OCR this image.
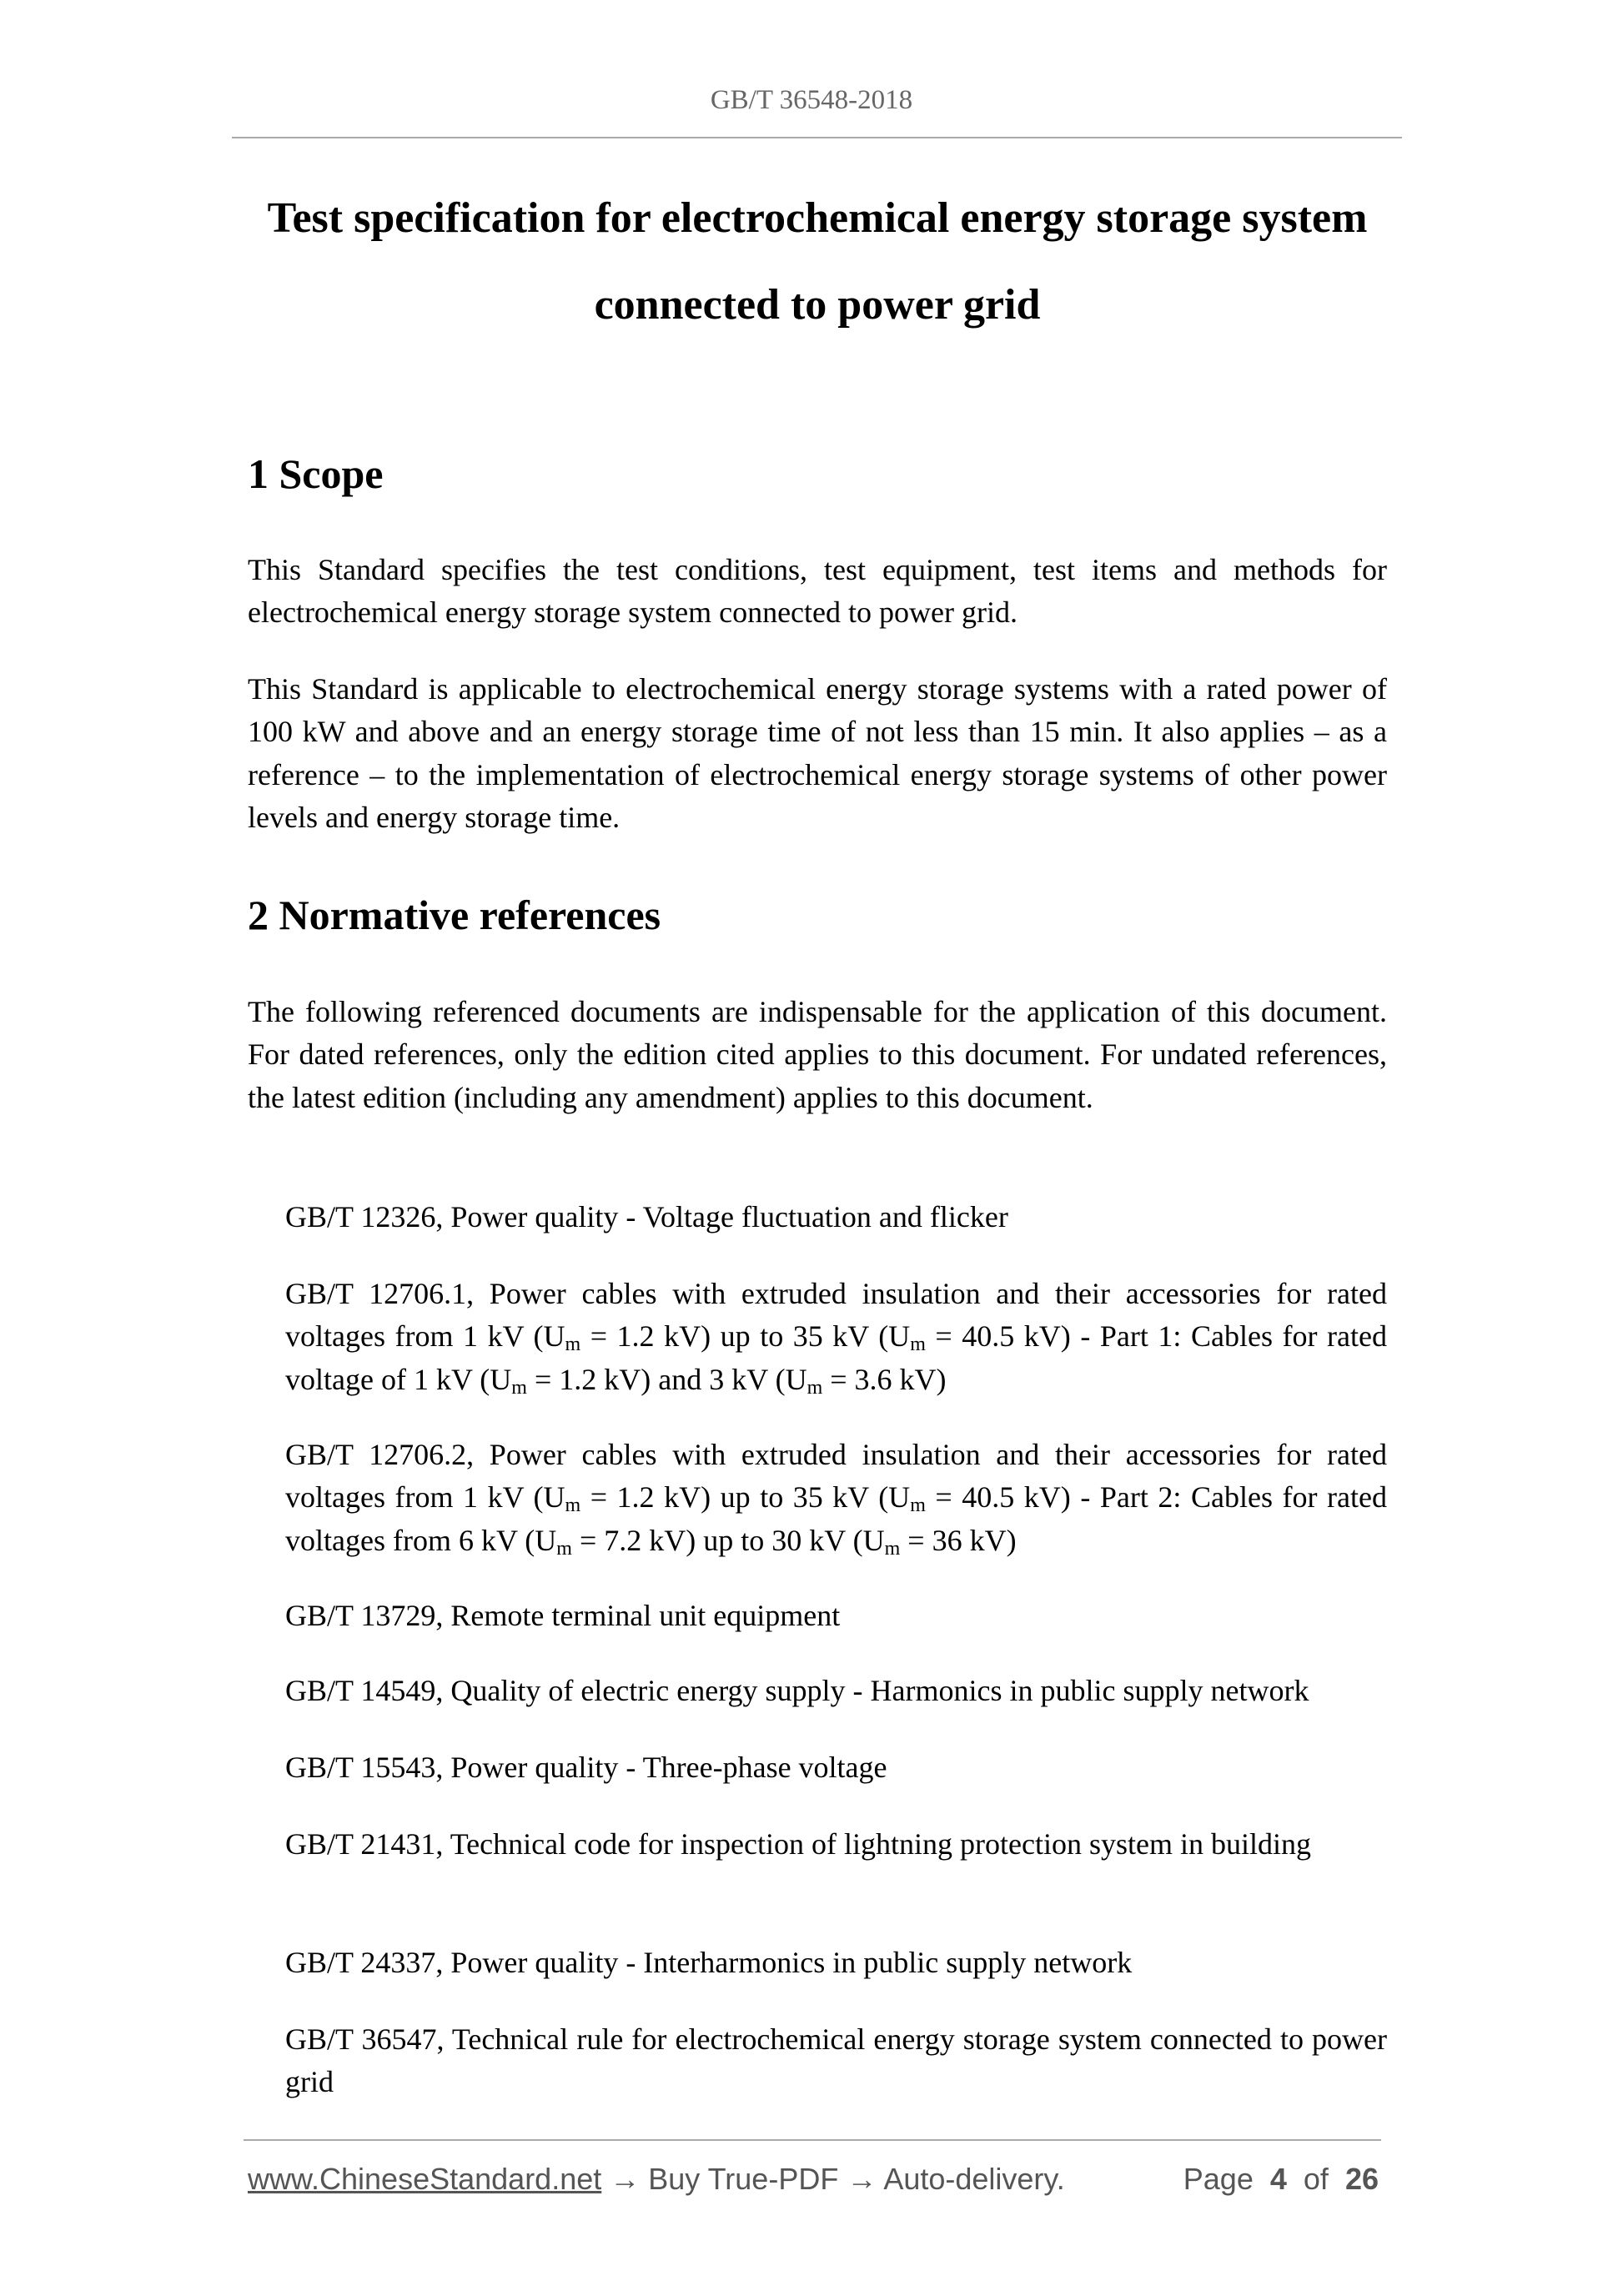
GB/T 36548-2018
Test specification for electrochemical energy storage system
connected to power grid
1 Scope
This Standard specifies the test conditions, test equipment, test items and methods for electrochemical energy storage system connected to power grid.
This Standard is applicable to electrochemical energy storage systems with a rated power of 100 kW and above and an energy storage time of not less than 15 min. It also applies – as a reference – to the implementation of electrochemical energy storage systems of other power levels and energy storage time.
2 Normative references
The following referenced documents are indispensable for the application of this document. For dated references, only the edition cited applies to this document. For undated references, the latest edition (including any amendment) applies to this document.
GB/T 12326, Power quality - Voltage fluctuation and flicker
GB/T 12706.1, Power cables with extruded insulation and their accessories for rated voltages from 1 kV ($U_m = 1.2$ kV) up to 35 kV ($U_m = 40.5$ kV) - Part 1: Cables for rated voltage of 1 kV ($U_m = 1.2$ kV) and 3 kV ($U_m = 3.6$ kV)
GB/T 12706.2, Power cables with extruded insulation and their accessories for rated voltages from 1 kV ($U_m = 1.2$ kV) up to 35 kV ($U_m = 40.5$ kV) - Part 2: Cables for rated voltages from 6 kV ($U_m = 7.2$ kV) up to 30 kV ($U_m = 36$ kV)
GB/T 13729, Remote terminal unit equipment
GB/T 14549, Quality of electric energy supply - Harmonics in public supply network
GB/T 15543, Power quality - Three-phase voltage
GB/T 21431, Technical code for inspection of lightning protection system in building
GB/T 24337, Power quality - Interharmonics in public supply network
GB/T 36547, Technical rule for electrochemical energy storage system connected to power grid
www.ChineseStandard.net → Buy True-PDF → Auto-delivery.	Page 4 of 26
